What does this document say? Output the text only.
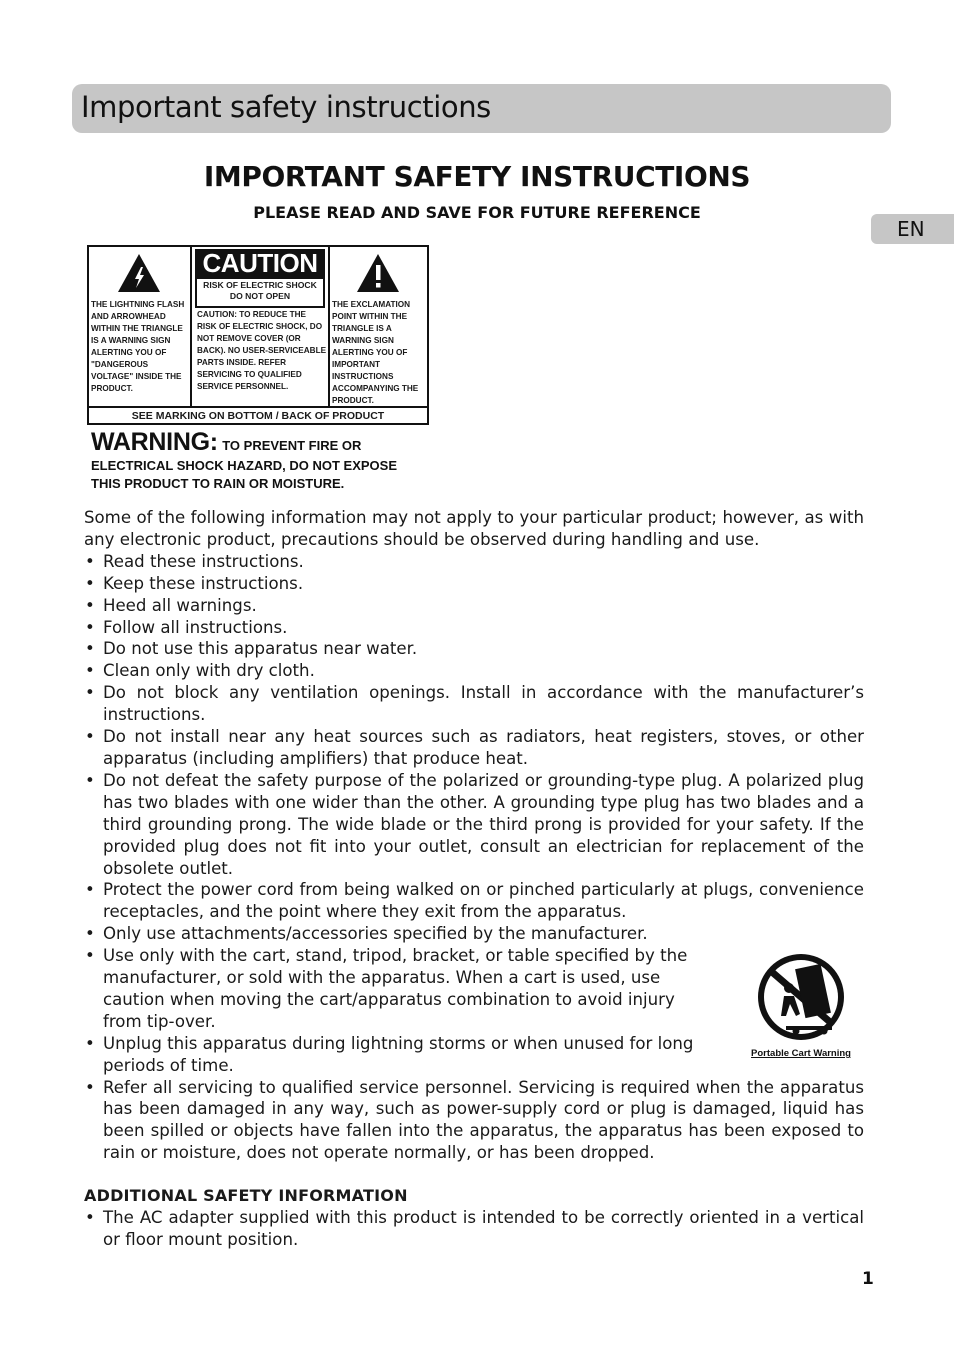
Important safety instructions
EN
IMPORTANT SAFETY INSTRUCTIONS
PLEASE READ AND SAVE FOR FUTURE REFERENCE
THE LIGHTNING FLASH AND ARROWHEAD WITHIN THE TRIANGLE IS A WARNING SIGN ALERTING YOU OF "DANGEROUS VOLTAGE" INSIDE THE PRODUCT.
CAUTION
RISK OF ELECTRIC SHOCK DO NOT OPEN
CAUTION: TO REDUCE THE RISK OF ELECTRIC SHOCK, DO NOT REMOVE COVER (OR BACK). NO USER-SERVICEABLE PARTS INSIDE. REFER SERVICING TO QUALIFIED SERVICE PERSONNEL.
THE EXCLAMATION POINT WITHIN THE TRIANGLE IS A WARNING SIGN ALERTING YOU OF IMPORTANT INSTRUCTIONS ACCOMPANYING THE PRODUCT.
SEE MARKING ON BOTTOM / BACK OF PRODUCT
WARNING: TO PREVENT FIRE OR
ELECTRICAL SHOCK HAZARD, DO NOT EXPOSE
THIS PRODUCT TO RAIN OR MOISTURE.

Some of the following information may not apply to your particular product; however, as with any electronic product, precautions should be observed during handling and use.

• Read these instructions.
• Keep these instructions.
• Heed all warnings.
• Follow all instructions.
• Do not use this apparatus near water.
• Clean only with dry cloth.
• Do not block any ventilation openings. Install in accordance with the manufacturer’s instructions.
• Do not install near any heat sources such as radiators, heat registers, stoves, or other apparatus (including amplifiers) that produce heat.
• Do not defeat the safety purpose of the polarized or grounding-type plug. A polarized plug has two blades with one wider than the other. A grounding type plug has two blades and a third grounding prong. The wide blade or the third prong is provided for your safety. If the provided plug does not fit into your outlet, consult an electrician for replacement of the obsolete outlet.
• Protect the power cord from being walked on or pinched particularly at plugs, convenience receptacles, and the point where they exit from the apparatus.
• Only use attachments/accessories specified by the manufacturer.
• Use only with the cart, stand, tripod, bracket, or table specified by the manufacturer, or sold with the apparatus. When a cart is used, use caution when moving the cart/apparatus combination to avoid injury from tip-over.
• Unplug this apparatus during lightning storms or when unused for long periods of time.
• Refer all servicing to qualified service personnel. Servicing is required when the apparatus has been damaged in any way, such as power-supply cord or plug is damaged, liquid has been spilled or objects have fallen into the apparatus, the apparatus has been exposed to rain or moisture, does not operate normally, or has been dropped.
ADDITIONAL SAFETY INFORMATION
• The AC adapter supplied with this product is intended to be correctly oriented in a vertical or floor mount position.
Portable Cart Warning
1
